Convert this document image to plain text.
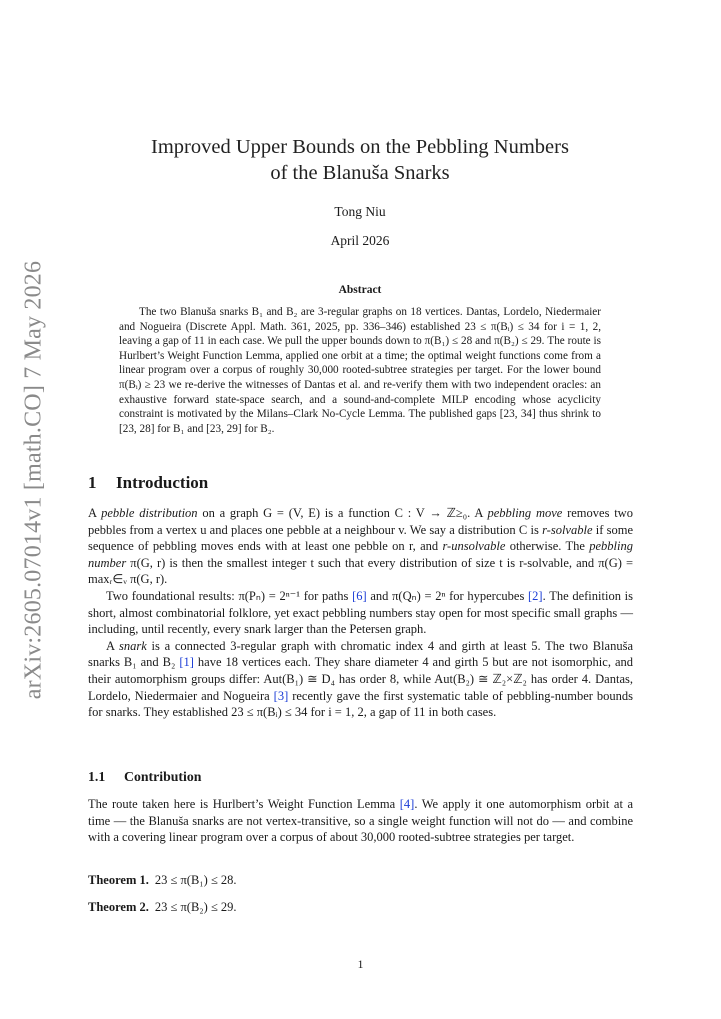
arXiv:2605.07014v1 [math.CO] 7 May 2026
Improved Upper Bounds on the Pebbling Numbers
of the Blanuša Snarks
Tong Niu
April 2026
Abstract
The two Blanuša snarks B₁ and B₂ are 3-regular graphs on 18 vertices. Dantas, Lordelo, Niedermaier and Nogueira (Discrete Appl. Math. 361, 2025, pp. 336–346) established 23 ≤ π(Bᵢ) ≤ 34 for i = 1, 2, leaving a gap of 11 in each case. We pull the upper bounds down to π(B₁) ≤ 28 and π(B₂) ≤ 29. The route is Hurlbert’s Weight Function Lemma, applied one orbit at a time; the optimal weight functions come from a linear program over a corpus of roughly 30,000 rooted-subtree strategies per target. For the lower bound π(Bᵢ) ≥ 23 we re-derive the witnesses of Dantas et al. and re-verify them with two independent oracles: an exhaustive forward state-space search, and a sound-and-complete MILP encoding whose acyclicity constraint is motivated by the Milans–Clark No-Cycle Lemma. The published gaps [23, 34] thus shrink to [23, 28] for B₁ and [23, 29] for B₂.
1 Introduction

A pebble distribution on a graph G = (V, E) is a function C : V → ℤ≥₀. A pebbling move removes two pebbles from a vertex u and places one pebble at a neighbour v. We say a distribution C is r-solvable if some sequence of pebbling moves ends with at least one pebble on r, and r-unsolvable otherwise. The pebbling number π(G, r) is then the smallest integer t such that every distribution of size t is r-solvable, and π(G) = maxᵣ∈ᵥ π(G, r).

Two foundational results: π(Pₙ) = 2ⁿ⁻¹ for paths [6] and π(Qₙ) = 2ⁿ for hypercubes [2]. The definition is short, almost combinatorial folklore, yet exact pebbling numbers stay open for most specific small graphs — including, until recently, every snark larger than the Petersen graph.

A snark is a connected 3-regular graph with chromatic index 4 and girth at least 5. The two Blanuša snarks B₁ and B₂ [1] have 18 vertices each. They share diameter 4 and girth 5 but are not isomorphic, and their automorphism groups differ: Aut(B₁) ≅ D₄ has order 8, while Aut(B₂) ≅ ℤ₂×ℤ₂ has order 4. Dantas, Lordelo, Niedermaier and Nogueira [3] recently gave the first systematic table of pebbling-number bounds for snarks. They established 23 ≤ π(Bᵢ) ≤ 34 for i = 1, 2, a gap of 11 in both cases.

1.1 Contribution

The route taken here is Hurlbert’s Weight Function Lemma [4]. We apply it one automorphism orbit at a time — the Blanuša snarks are not vertex-transitive, so a single weight function will not do — and combine with a covering linear program over a corpus of about 30,000 rooted-subtree strategies per target.

Theorem 1. 23 ≤ π(B₁) ≤ 28.
Theorem 2. 23 ≤ π(B₂) ≤ 29.
1
